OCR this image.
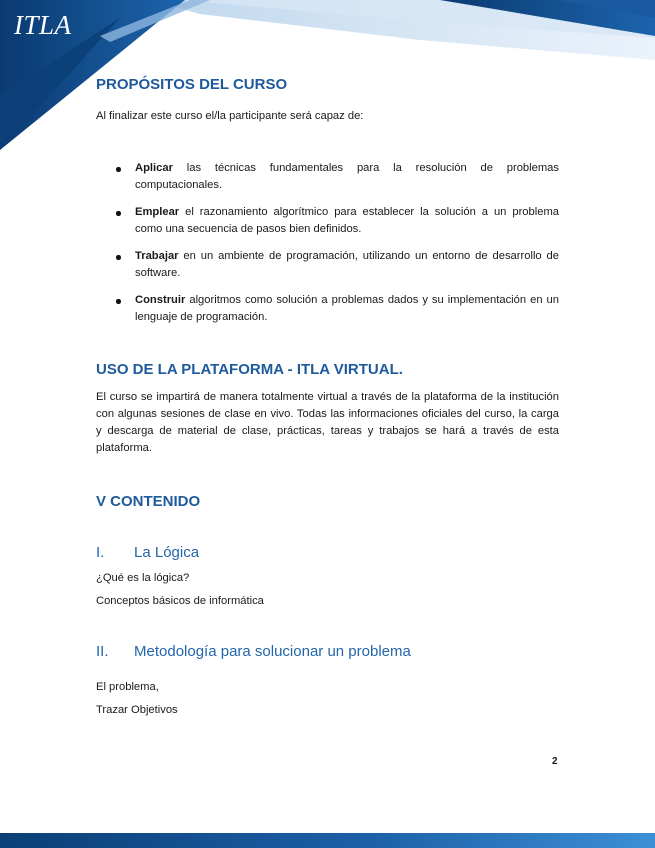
ITLA
PROPÓSITOS DEL CURSO

Al finalizar este curso el/la participante será capaz de:

Aplicar las técnicas fundamentales para la resolución de problemas computacionales.
Emplear el razonamiento algorítmico para establecer la solución a un problema como una secuencia de pasos bien definidos.
Trabajar en un ambiente de programación, utilizando un entorno de desarrollo de software.
Construir algoritmos como solución a problemas dados y su implementación en un lenguaje de programación.
USO DE LA PLATAFORMA - ITLA VIRTUAL.

El curso se impartirá de manera totalmente virtual a través de la plataforma de la institución con algunas sesiones de clase en vivo. Todas las informaciones oficiales del curso, la carga y descarga de material de clase, prácticas, tareas y trabajos se hará a través de esta plataforma.

V CONTENIDO
I.	La Lógica

¿Qué es la lógica?

Conceptos básicos de informática

II.	Metodología para solucionar un problema

El problema,

Trazar Objetivos

2
